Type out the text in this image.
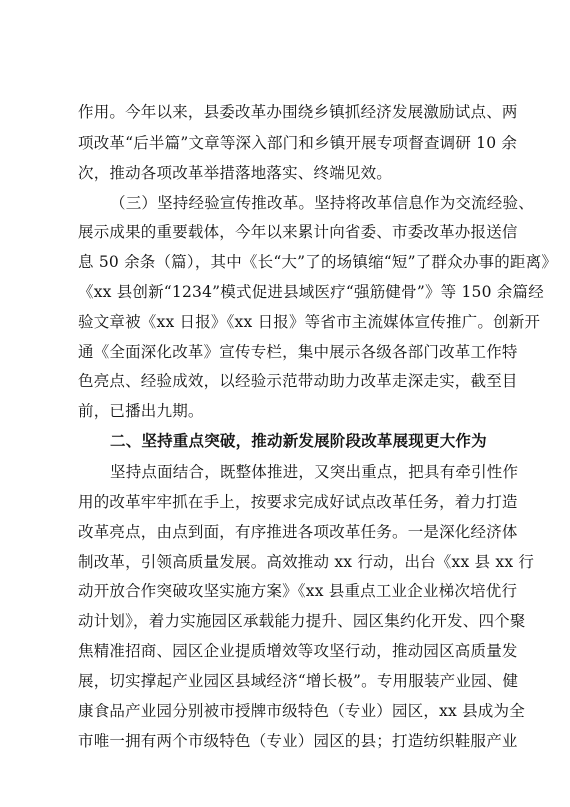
作用。今年以来，县委改革办围绕乡镇抓经济发展激励试点、两
项改革“后半篇”文章等深入部门和乡镇开展专项督查调研 10 余
次，推动各项改革举措落地落实、终端见效。
（三）坚持经验宣传推改革。坚持将改革信息作为交流经验、
展示成果的重要载体，今年以来累计向省委、市委改革办报送信
息 50 余条（篇），其中《长“大”了的场镇缩“短”了群众办事的距离》
《xx 县创新“1234”模式促进县域医疗“强筋健骨”》等 150 余篇经
验文章被《xx 日报》《xx 日报》等省市主流媒体宣传推广。创新开
通《全面深化改革》宣传专栏，集中展示各级各部门改革工作特
色亮点、经验成效，以经验示范带动助力改革走深走实，截至目
前，已播出九期。
二、坚持重点突破，推动新发展阶段改革展现更大作为
坚持点面结合，既整体推进，又突出重点，把具有牵引性作
用的改革牢牢抓在手上，按要求完成好试点改革任务，着力打造
改革亮点，由点到面，有序推进各项改革任务。一是深化经济体
制改革，引领高质量发展。高效推动 xx 行动，出台《xx 县 xx 行
动开放合作突破攻坚实施方案》《xx 县重点工业企业梯次培优行
动计划》，着力实施园区承载能力提升、园区集约化开发、四个聚
焦精准招商、园区企业提质增效等攻坚行动，推动园区高质量发
展，切实撑起产业园区县域经济“增长极”。专用服装产业园、健
康食品产业园分别被市授牌市级特色（专业）园区，xx 县成为全
市唯一拥有两个市级特色（专业）园区的县；打造纺织鞋服产业
